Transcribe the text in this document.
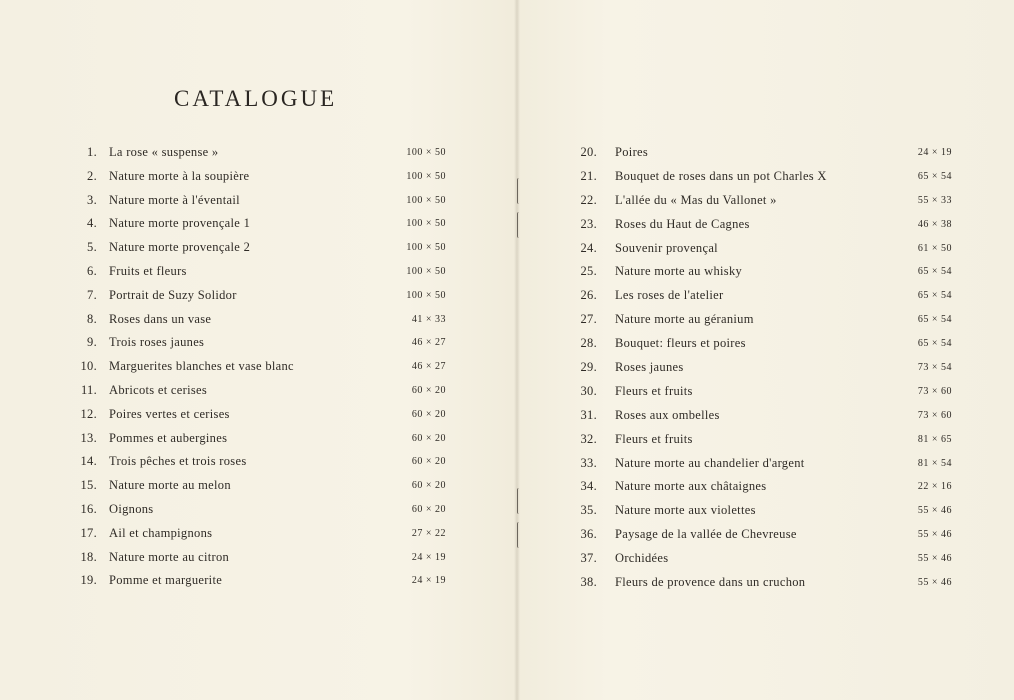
CATALOGUE
1. La rose « suspense »	100 × 50
2. Nature morte à la soupière	100 × 50
3. Nature morte à l'éventail	100 × 50
4. Nature morte provençale 1	100 × 50
5. Nature morte provençale 2	100 × 50
6. Fruits et fleurs	100 × 50
7. Portrait de Suzy Solidor	100 × 50
8. Roses dans un vase	41 × 33
9. Trois roses jaunes	46 × 27
10. Marguerites blanches et vase blanc	46 × 27
11. Abricots et cerises	60 × 20
12. Poires vertes et cerises	60 × 20
13. Pommes et aubergines	60 × 20
14. Trois pêches et trois roses	60 × 20
15. Nature morte au melon	60 × 20
16. Oignons	60 × 20
17. Ail et champignons	27 × 22
18. Nature morte au citron	24 × 19
19. Pomme et marguerite	24 × 19
20. Poires	24 × 19
21. Bouquet de roses dans un pot Charles X	65 × 54
22. L'allée du « Mas du Vallonet »	55 × 33
23. Roses du Haut de Cagnes	46 × 38
24. Souvenir provençal	61 × 50
25. Nature morte au whisky	65 × 54
26. Les roses de l'atelier	65 × 54
27. Nature morte au géranium	65 × 54
28. Bouquet: fleurs et poires	65 × 54
29. Roses jaunes	73 × 54
30. Fleurs et fruits	73 × 60
31. Roses aux ombelles	73 × 60
32. Fleurs et fruits	81 × 65
33. Nature morte au chandelier d'argent	81 × 54
34. Nature morte aux châtaignes	22 × 16
35. Nature morte aux violettes	55 × 46
36. Paysage de la vallée de Chevreuse	55 × 46
37. Orchidées	55 × 46
38. Fleurs de provence dans un cruchon	55 × 46
